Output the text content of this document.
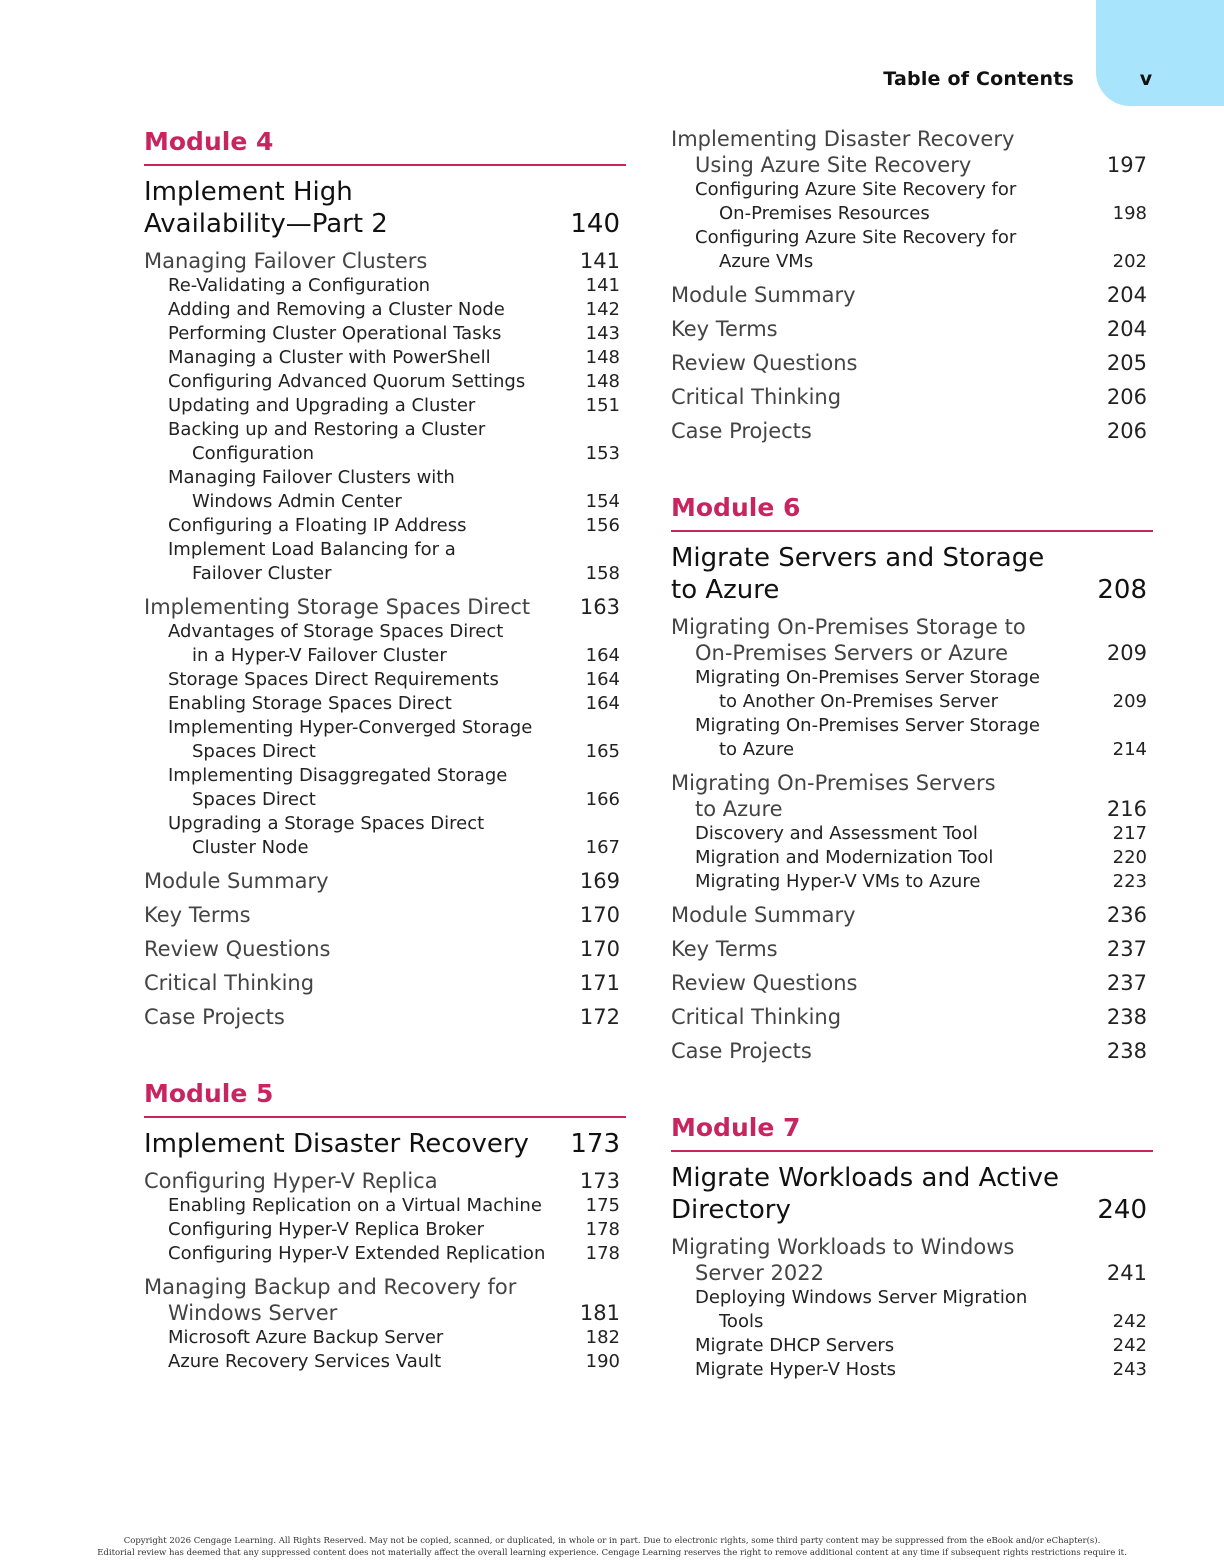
Table of Contents	v
Module 4
Implement High
Availability—Part 2	140
Managing Failover Clusters	141
Re-Validating a Configuration	141
Adding and Removing a Cluster Node	142
Performing Cluster Operational Tasks	143
Managing a Cluster with PowerShell	148
Configuring Advanced Quorum Settings	148
Updating and Upgrading a Cluster	151
Backing up and Restoring a Cluster
Configuration	153
Managing Failover Clusters with
Windows Admin Center	154
Configuring a Floating IP Address	156
Implement Load Balancing for a
Failover Cluster	158
Implementing Storage Spaces Direct 163
Advantages of Storage Spaces Direct
in a Hyper-V Failover Cluster	164
Storage Spaces Direct Requirements	164
Enabling Storage Spaces Direct	164
Implementing Hyper-Converged Storage
Spaces Direct	165
Implementing Disaggregated Storage
Spaces Direct	166
Upgrading a Storage Spaces Direct
Cluster Node	167
Module Summary	169
Key Terms	170
Review Questions	170
Critical Thinking	171
Case Projects	172
Module 5
Implement Disaster Recovery 173
Configuring Hyper-V Replica	173
Enabling Replication on a Virtual Machine 175
Configuring Hyper-V Replica Broker	178
Configuring Hyper-V Extended Replication 178
Managing Backup and Recovery for
Windows Server	181
Microsoft Azure Backup Server	182
Azure Recovery Services Vault	190
Implementing Disaster Recovery
Using Azure Site Recovery	197
Configuring Azure Site Recovery for
On-Premises Resources	198
Configuring Azure Site Recovery for
Azure VMs	202
Module Summary	204
Key Terms	204
Review Questions	205
Critical Thinking	206
Case Projects	206
Module 6
Migrate Servers and Storage
to Azure	208
Migrating On-Premises Storage to
On-Premises Servers or Azure	209
Migrating On-Premises Server Storage
to Another On-Premises Server	209
Migrating On-Premises Server Storage
to Azure	214
Migrating On-Premises Servers
to Azure	216
Discovery and Assessment Tool	217
Migration and Modernization Tool	220
Migrating Hyper-V VMs to Azure	223
Module Summary	236
Key Terms	237
Review Questions	237
Critical Thinking	238
Case Projects	238
Module 7
Migrate Workloads and Active
Directory	240
Migrating Workloads to Windows
Server 2022	241
Deploying Windows Server Migration
Tools	242
Migrate DHCP Servers	242
Migrate Hyper-V Hosts	243
Copyright 2026 Cengage Learning. All Rights Reserved. May not be copied, scanned, or duplicated, in whole or in part. Due to electronic rights, some third party content may be suppressed from the eBook and/or eChapter(s).
Editorial review has deemed that any suppressed content does not materially affect the overall learning experience. Cengage Learning reserves the right to remove additional content at any time if subsequent rights restrictions require it.
